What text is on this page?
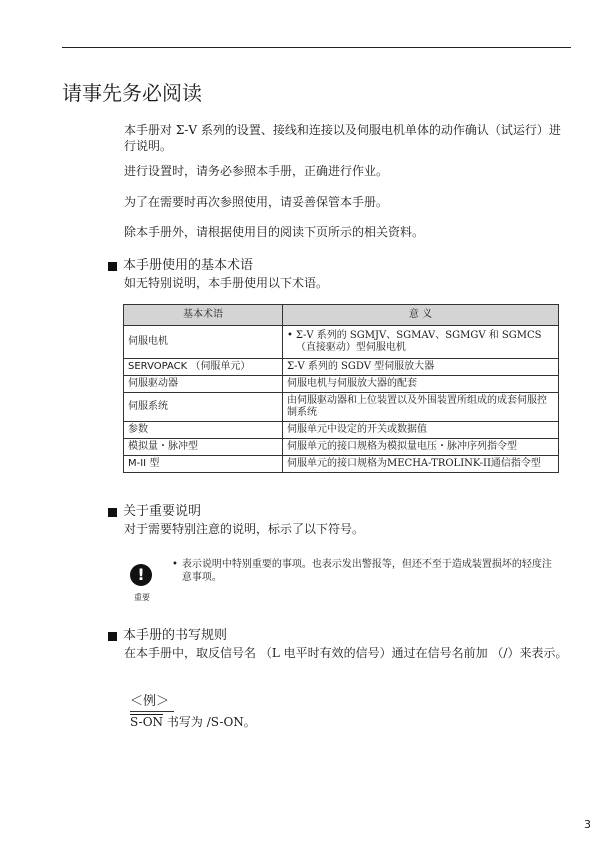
请事先务必阅读
本手册对 Σ-V 系列的设置、接线和连接以及伺服电机单体的动作确认（试运行）进行说明。
进行设置时，请务必参照本手册，正确进行作业。
为了在需要时再次参照使用，请妥善保管本手册。
除本手册外，请根据使用目的阅读下页所示的相关资料。
本手册使用的基本术语
如无特别说明，本手册使用以下术语。
基本术语	意 义
伺服电机	• Σ-V 系列的 SGMJV、SGMAV、SGMGV 和 SGMCS （直接驱动）型伺服电机

SERVOPACK （伺服单元）	Σ-V 系列的 SGDV 型伺服放大器
伺服驱动器	伺服电机与伺服放大器的配套
伺服系统	由伺服驱动器和上位装置以及外围装置所组成的成套伺服控制系统
参数	伺服单元中设定的开关或数据值
模拟量・脉冲型	伺服单元的接口规格为模拟量电压・脉冲序列指令型
M-II 型	伺服单元的接口规格为MECHA-TROLINK-II通信指令型
关于重要说明
对于需要特别注意的说明，标示了以下符号。
!
重要
• 表示说明中特别重要的事项。也表示发出警报等，但还不至于造成装置损坏的轻度注意事项。
本手册的书写规则
在本手册中，取反信号名 （L 电平时有效的信号）通过在信号名前加 （/）来表示。
＜例＞
S-ON 书写为 /S-ON。
3
